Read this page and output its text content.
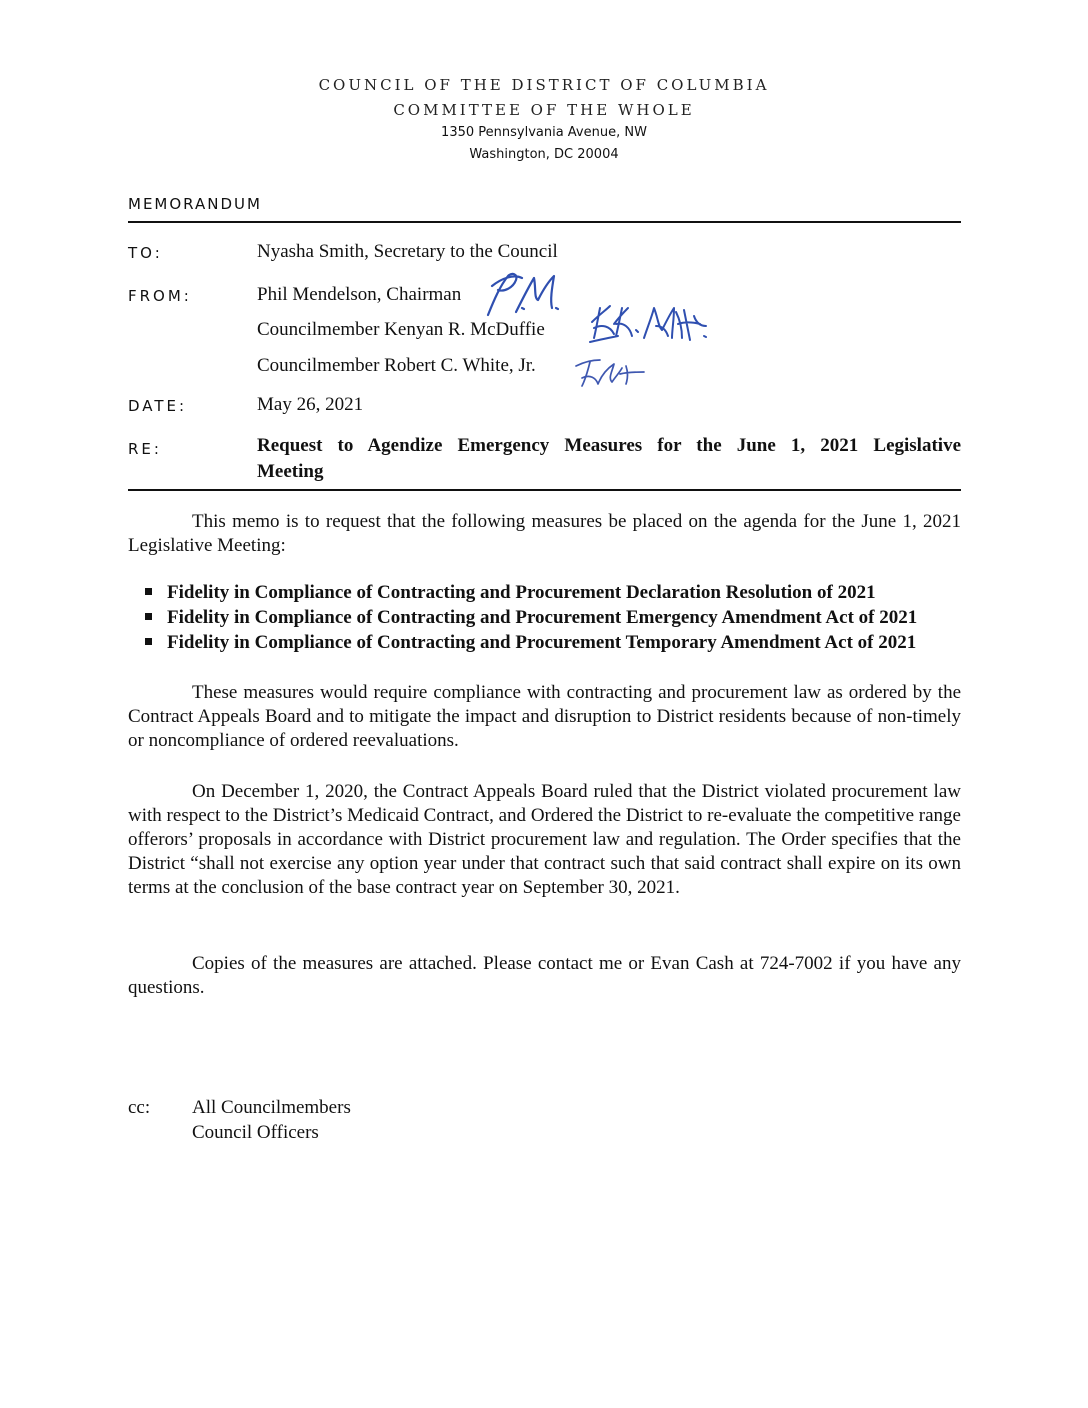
COUNCIL OF THE DISTRICT OF COLUMBIA
COMMITTEE OF THE WHOLE
1350 Pennsylvania Avenue, NW
Washington, DC 20004
MEMORANDUM
TO:	Nyasha Smith, Secretary to the Council
FROM:	Phil Mendelson, Chairman
Councilmember Kenyan R. McDuffie
Councilmember Robert C. White, Jr.
DATE:	May 26, 2021
RE:	Request to Agendize Emergency Measures for the June 1, 2021 Legislative
Meeting
This memo is to request that the following measures be placed on the agenda for the June 1, 2021 Legislative Meeting:
Fidelity in Compliance of Contracting and Procurement Declaration Resolution of 2021
Fidelity in Compliance of Contracting and Procurement Emergency Amendment Act of 2021
Fidelity in Compliance of Contracting and Procurement Temporary Amendment Act of 2021
These measures would require compliance with contracting and procurement law as ordered by the Contract Appeals Board and to mitigate the impact and disruption to District residents because of non-timely or noncompliance of ordered reevaluations.
On December 1, 2020, the Contract Appeals Board ruled that the District violated procurement law with respect to the District’s Medicaid Contract, and Ordered the District to re-evaluate the competitive range offerors’ proposals in accordance with District procurement law and regulation. The Order specifies that the District “shall not exercise any option year under that contract such that said contract shall expire on its own terms at the conclusion of the base contract year on September 30, 2021.
Copies of the measures are attached. Please contact me or Evan Cash at 724-7002 if you have any questions.
cc: All Councilmembers
Council Officers
